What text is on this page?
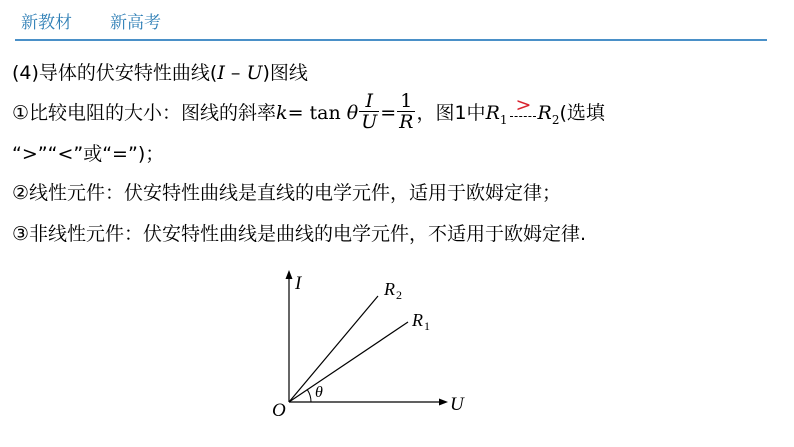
新教材 新高考
(4)导体的伏安特性曲线(I – U)图线
①比较电阻的大小：图线的斜率k= tan θ $\frac{I}{U} = \frac{1}{R}$ ，图1中$R_1$
> $R_2$(选填
“>”“<”或“=”)；
②线性元件：伏安特性曲线是直线的电学元件，适用于欧姆定律；
③非线性元件：伏安特性曲线是曲线的电学元件，不适用于欧姆定律.
I
U
O
θ
R 2
R 1
